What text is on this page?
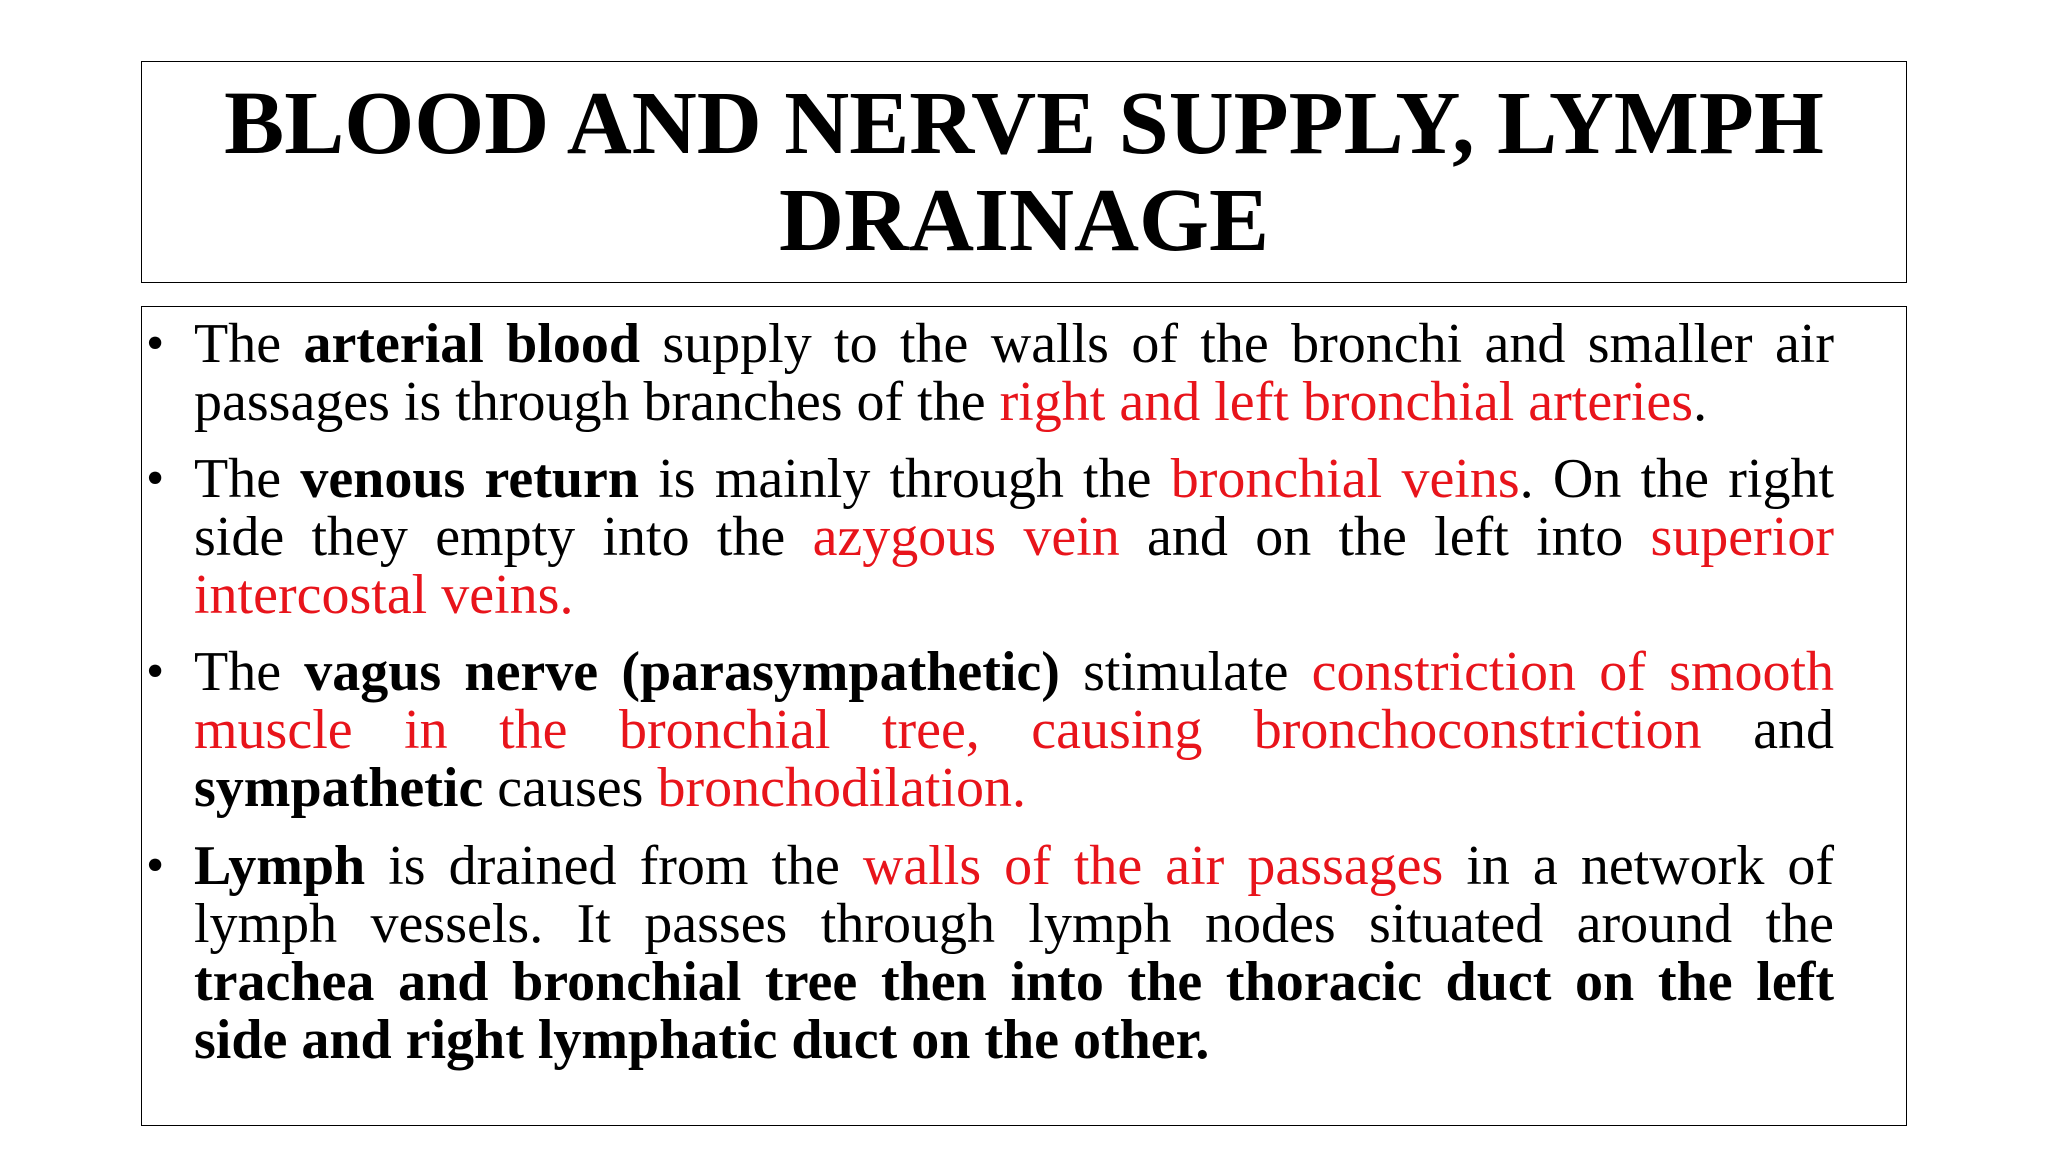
BLOOD AND NERVE SUPPLY, LYMPH
DRAINAGE
• The arterial blood supply to the walls of the bronchi and smaller air passages is through branches of the right and left bronchial arteries.
• The venous return is mainly through the bronchial veins. On the right side they empty into the azygous vein and on the left into superior intercostal veins.
• The vagus nerve (parasympathetic) stimulate constriction of smooth muscle in the bronchial tree, causing bronchoconstriction and sympathetic causes bronchodilation.
• Lymph is drained from the walls of the air passages in a network of lymph vessels. It passes through lymph nodes situated around the trachea and bronchial tree then into the thoracic duct on the left side and right lymphatic duct on the other.
